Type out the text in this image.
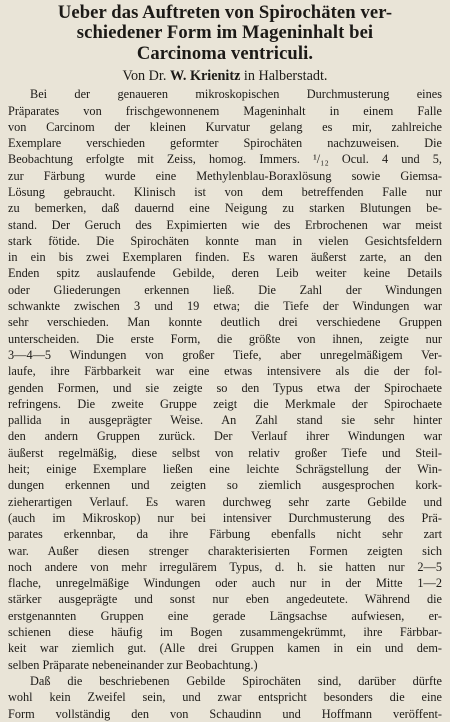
Ueber das Auftreten von Spirochäten ver-
schiedener Form im Mageninhalt bei
Carcinoma ventriculi.
Von Dr. W. Krienitz in Halberstadt.
Bei der genaueren mikroskopischen Durchmusterung eines
Präparates von frischgewonnenem Mageninhalt in einem Falle
von Carcinom der kleinen Kurvatur gelang es mir, zahlreiche
Exemplare verschieden geformter Spirochäten nachzuweisen. Die
Beobachtung erfolgte mit Zeiss, homog. Immers. ¹/₁₂ Ocul. 4 und 5,
zur Färbung wurde eine Methylenblau-Boraxlösung sowie Giemsa-
Lösung gebraucht. Klinisch ist von dem betreffenden Falle nur
zu bemerken, daß dauernd eine Neigung zu starken Blutungen be-
stand. Der Geruch des Expimierten wie des Erbrochenen war meist
stark fötide. Die Spirochäten konnte man in vielen Gesichtsfeldern
in ein bis zwei Exemplaren finden. Es waren äußerst zarte, an den
Enden spitz auslaufende Gebilde, deren Leib weiter keine Details
oder Gliederungen erkennen ließ. Die Zahl der Windungen
schwankte zwischen 3 und 19 etwa; die Tiefe der Windungen war
sehr verschieden. Man konnte deutlich drei verschiedene Gruppen
unterscheiden. Die erste Form, die größte von ihnen, zeigte nur
3—4—5 Windungen von großer Tiefe, aber unregelmäßigem Ver-
laufe, ihre Färbbarkeit war eine etwas intensivere als die der fol-
genden Formen, und sie zeigte so den Typus etwa der Spirochaete
refringens. Die zweite Gruppe zeigt die Merkmale der Spirochaete
pallida in ausgeprägter Weise. An Zahl stand sie sehr hinter
den andern Gruppen zurück. Der Verlauf ihrer Windungen war
äußerst regelmäßig, diese selbst von relativ großer Tiefe und Steil-
heit; einige Exemplare ließen eine leichte Schrägstellung der Win-
dungen erkennen und zeigten so ziemlich ausgesprochen kork-
zieherartigen Verlauf. Es waren durchweg sehr zarte Gebilde und
(auch im Mikroskop) nur bei intensiver Durchmusterung des Prä-
parates erkennbar, da ihre Färbung ebenfalls nicht sehr zart
war. Außer diesen strenger charakterisierten Formen zeigten sich
noch andere von mehr irregulärem Typus, d. h. sie hatten nur 2—5
flache, unregelmäßige Windungen oder auch nur in der Mitte 1—2
stärker ausgeprägte und sonst nur eben angedeutete. Während die
erstgenannten Gruppen eine gerade Längsachse aufwiesen, er-
schienen diese häufig im Bogen zusammengekrümmt, ihre Färbbar-
keit war ziemlich gut. (Alle drei Gruppen kamen in ein und dem-
selben Präparate nebeneinander zur Beobachtung.)
Daß die beschriebenen Gebilde Spirochäten sind, darüber dürfte
wohl kein Zweifel sein, und zwar entspricht besonders die eine
Form vollständig den von Schaudinn und Hoffmann veröffent-
